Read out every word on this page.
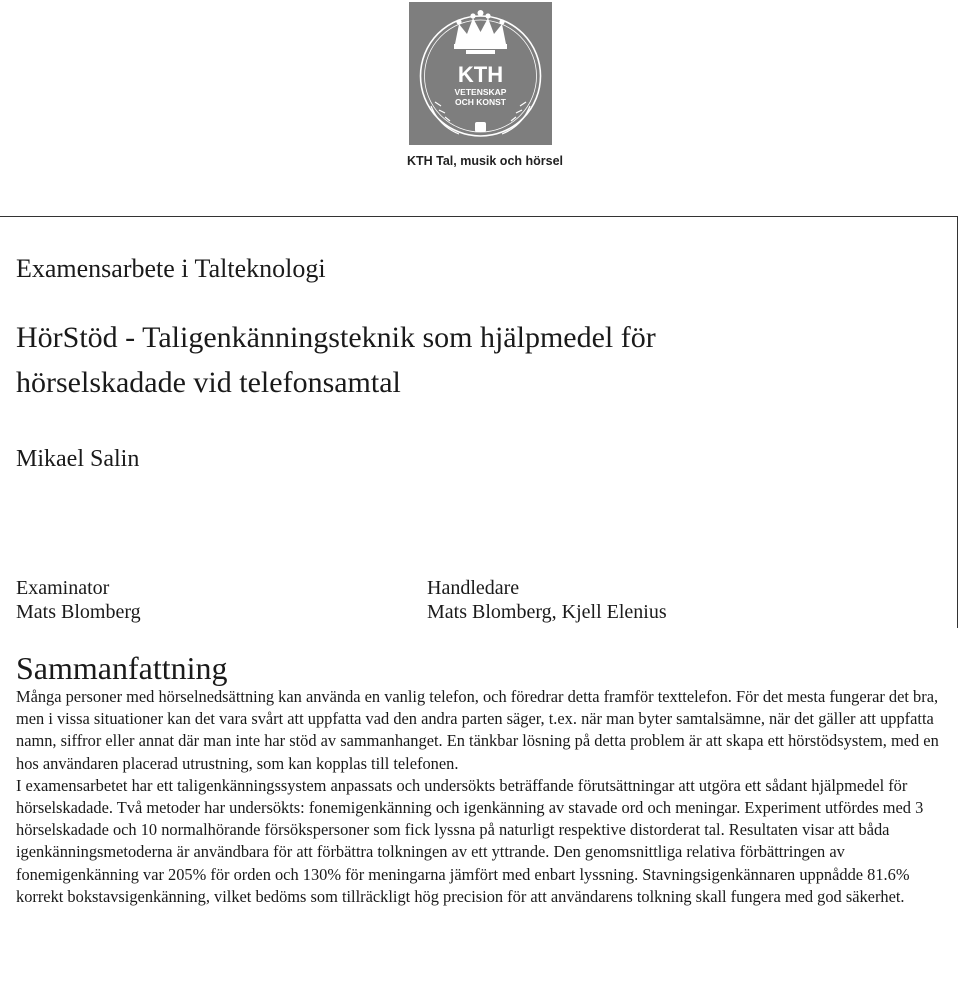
KTH
VETENSKAP
OCH KONST
KTH Tal, musik och hörsel
Examensarbete i Talteknologi
HörStöd - Taligenkänningsteknik som hjälpmedel för
hörselskadade vid telefonsamtal
Mikael Salin
Examinator
Mats Blomberg
Handledare
Mats Blomberg, Kjell Elenius
Sammanfattning

Många personer med hörselnedsättning kan använda en vanlig telefon, och föredrar detta framför texttelefon. För det mesta fungerar det bra, men i vissa situationer kan det vara svårt att uppfatta vad den andra parten säger, t.ex. när man byter samtalsämne, när det gäller att uppfatta namn, siffror eller annat där man inte har stöd av sammanhanget. En tänkbar lösning på detta problem är att skapa ett hörstödsystem, med en hos användaren placerad utrustning, som kan kopplas till telefonen.

I examensarbetet har ett taligenkänningssystem anpassats och undersökts beträffande förutsättningar att utgöra ett sådant hjälpmedel för hörselskadade. Två metoder har undersökts: fonemigenkänning och igenkänning av stavade ord och meningar. Experiment utfördes med 3 hörselskadade och 10 normalhörande försökspersoner som fick lyssna på naturligt respektive distorderat tal. Resultaten visar att båda igenkänningsmetoderna är användbara för att förbättra tolkningen av ett yttrande. Den genomsnittliga relativa förbättringen av fonemigenkänning var 205% för orden och 130% för meningarna jämfört med enbart lyssning. Stavningsigenkännaren uppnådde 81.6% korrekt bokstavsigenkänning, vilket bedöms som tillräckligt hög precision för att användarens tolkning skall fungera med god säkerhet.
